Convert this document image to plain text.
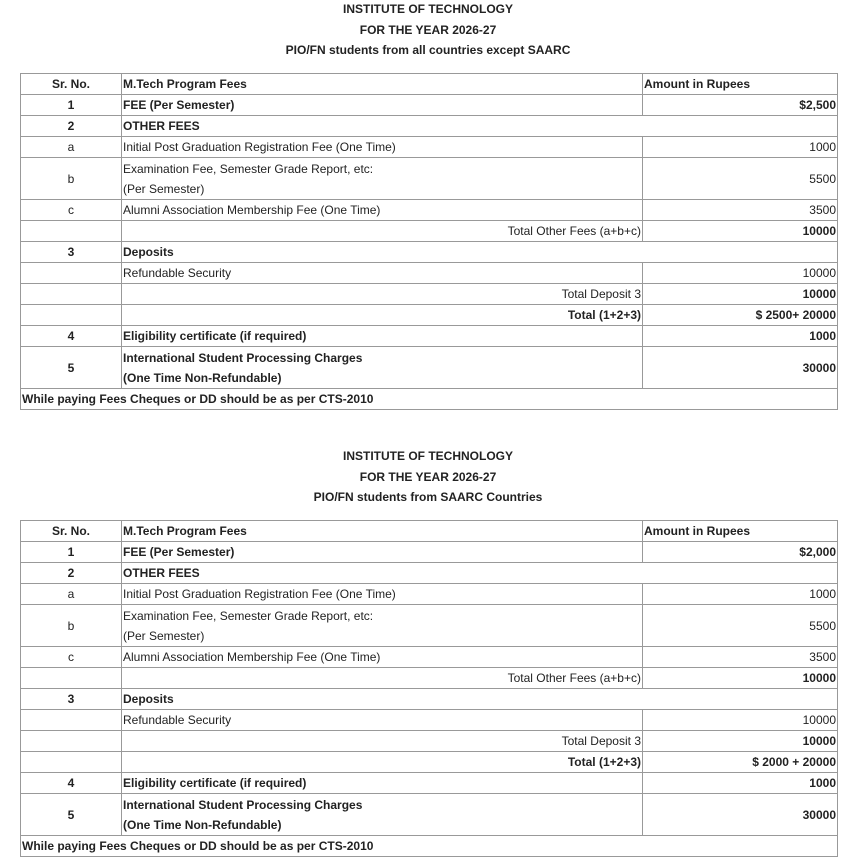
INSTITUTE OF TECHNOLOGY
FOR THE YEAR 2026-27
PIO/FN students from all countries except SAARC
Sr. No.	M.Tech Program Fees	Amount in Rupees
1	FEE (Per Semester)	$2,500
2	OTHER FEES	

a	Initial Post Graduation Registration Fee (One Time)	1000
b	Examination Fee, Semester Grade Report, etc:
(Per Semester)	5500
c	Alumni Association Membership Fee (One Time)	3500

	Total Other Fees (a+b+c)	10000
3	Deposits	

	Refundable Security	10000

	Total Deposit 3	10000

	Total (1+2+3)	$ 2500+ 20000
4	Eligibility certificate (if required)	1000
5	International Student Processing Charges
(One Time Non-Refundable)	30000
While paying Fees Cheques or DD should be as per CTS-2010		
INSTITUTE OF TECHNOLOGY
FOR THE YEAR 2026-27
PIO/FN students from SAARC Countries
Sr. No.	M.Tech Program Fees	Amount in Rupees
1	FEE (Per Semester)	$2,000
2	OTHER FEES	

a	Initial Post Graduation Registration Fee (One Time)	1000
b	Examination Fee, Semester Grade Report, etc:
(Per Semester)	5500
c	Alumni Association Membership Fee (One Time)	3500

	Total Other Fees (a+b+c)	10000
3	Deposits	

	Refundable Security	10000

	Total Deposit 3	10000

	Total (1+2+3)	$ 2000 + 20000
4	Eligibility certificate (if required)	1000
5	International Student Processing Charges
(One Time Non-Refundable)	30000
While paying Fees Cheques or DD should be as per CTS-2010		
